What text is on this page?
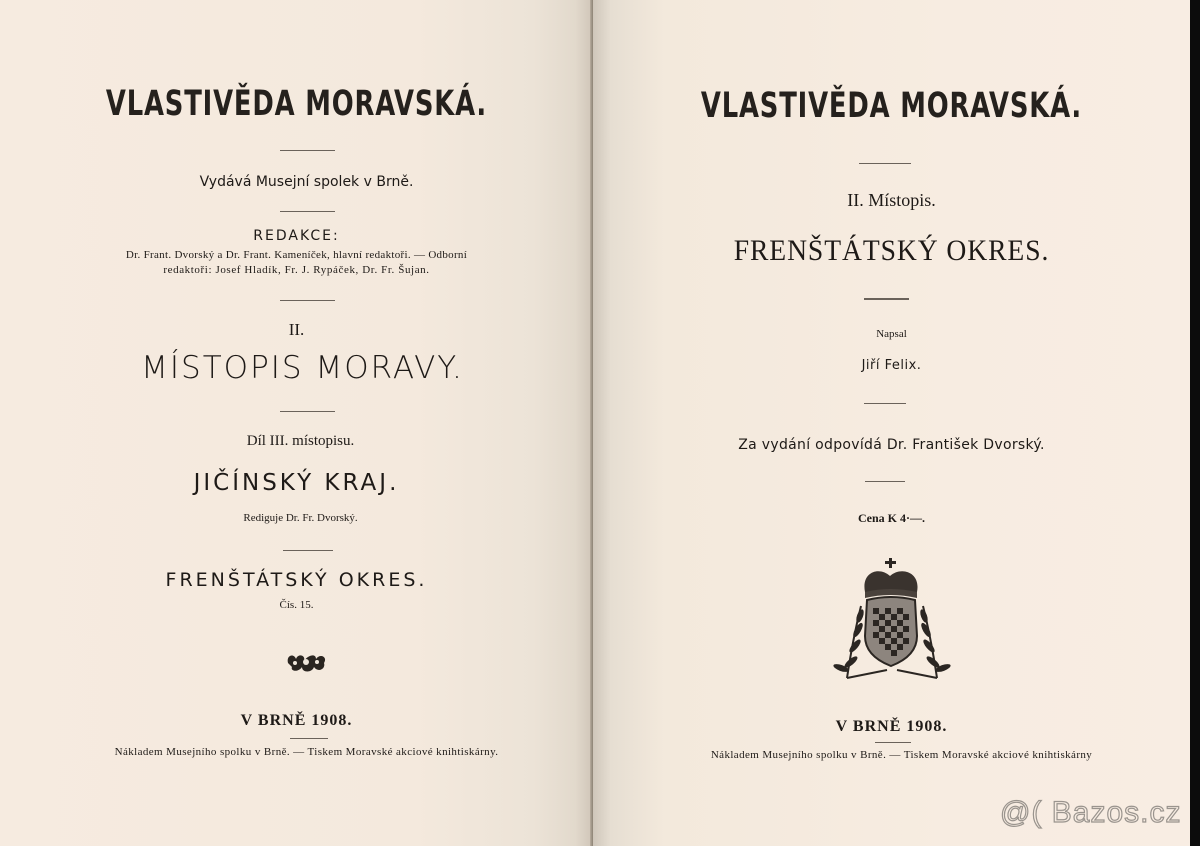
VLASTIVĚDA MORAVSKÁ.
Vydává Musejní spolek v Brně.
REDAKCE:
Dr. Frant. Dvorský a Dr. Frant. Kameníček, hlavní redaktoři. — Odborní
redaktoři: Josef Hladík, Fr. J. Rypáček, Dr. Fr. Šujan.
II.
MÍSTOPIS MORAVY.
Díl III. místopisu.
JIČÍNSKÝ KRAJ.
Rediguje Dr. Fr. Dvorský.
FRENŠTÁTSKÝ OKRES.
Čís. 15.
V BRNĚ 1908.
Nákladem Musejního spolku v Brně. — Tiskem Moravské akciové knihtiskárny.
VLASTIVĚDA MORAVSKÁ.
II. Místopis.
FRENŠTÁTSKÝ OKRES.
Napsal
Jiří Felix.
Za vydání odpovídá Dr. František Dvorský.
Cena K 4·—.
V BRNĚ 1908.
Nákladem Musejního spolku v Brně. — Tiskem Moravské akciové knihtiskárny
@( Bazos.cz
